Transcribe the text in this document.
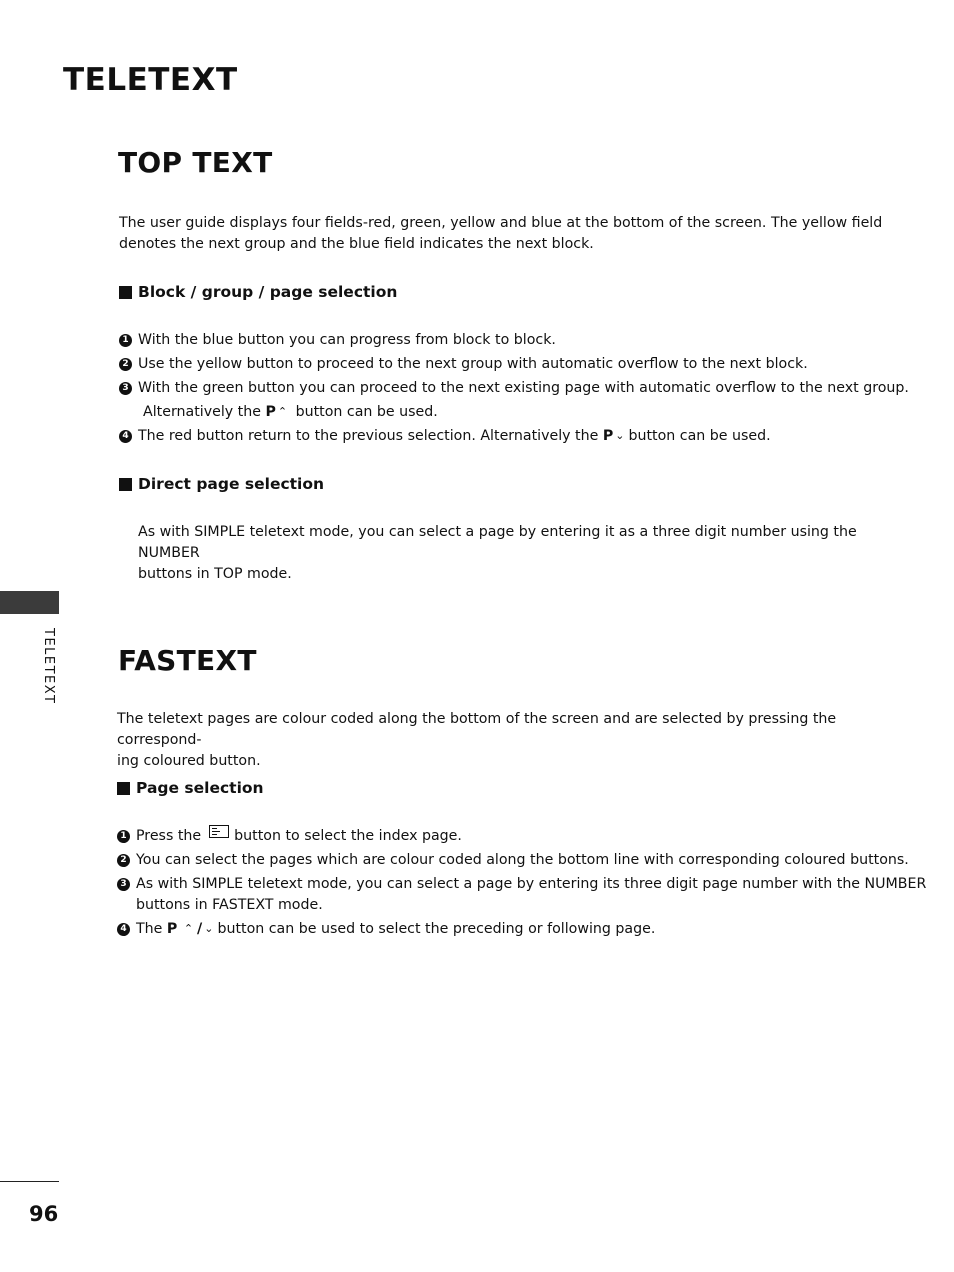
TELETEXT
TOP TEXT
The user guide displays four fields-red, green, yellow and blue at the bottom of the screen. The yellow field
denotes the next group and the blue field indicates the next block.
Block / group / page selection
1 With the blue button you can progress from block to block.
2 Use the yellow button to proceed to the next group with automatic overflow to the next block.
3 With the green button you can proceed to the next existing page with automatic overflow to the next group.
Alternatively the P ⌃ button can be used.
4 The red button return to the previous selection. Alternatively the P ⌄ button can be used.
Direct page selection
As with SIMPLE teletext mode, you can select a page by entering it as a three digit number using the NUMBER
buttons in TOP mode.
TELETEXT FASTEXT
The teletext pages are colour coded along the bottom of the screen and are selected by pressing the correspond-
ing coloured button.
Page selection
1 Press the button to select the index page.
2 You can select the pages which are colour coded along the bottom line with corresponding coloured buttons.
3 As with SIMPLE teletext mode, you can select a page by entering its three digit page number with the NUMBER
buttons in FASTEXT mode.
4 The P ⌃ / ⌄ button can be used to select the preceding or following page.
96
